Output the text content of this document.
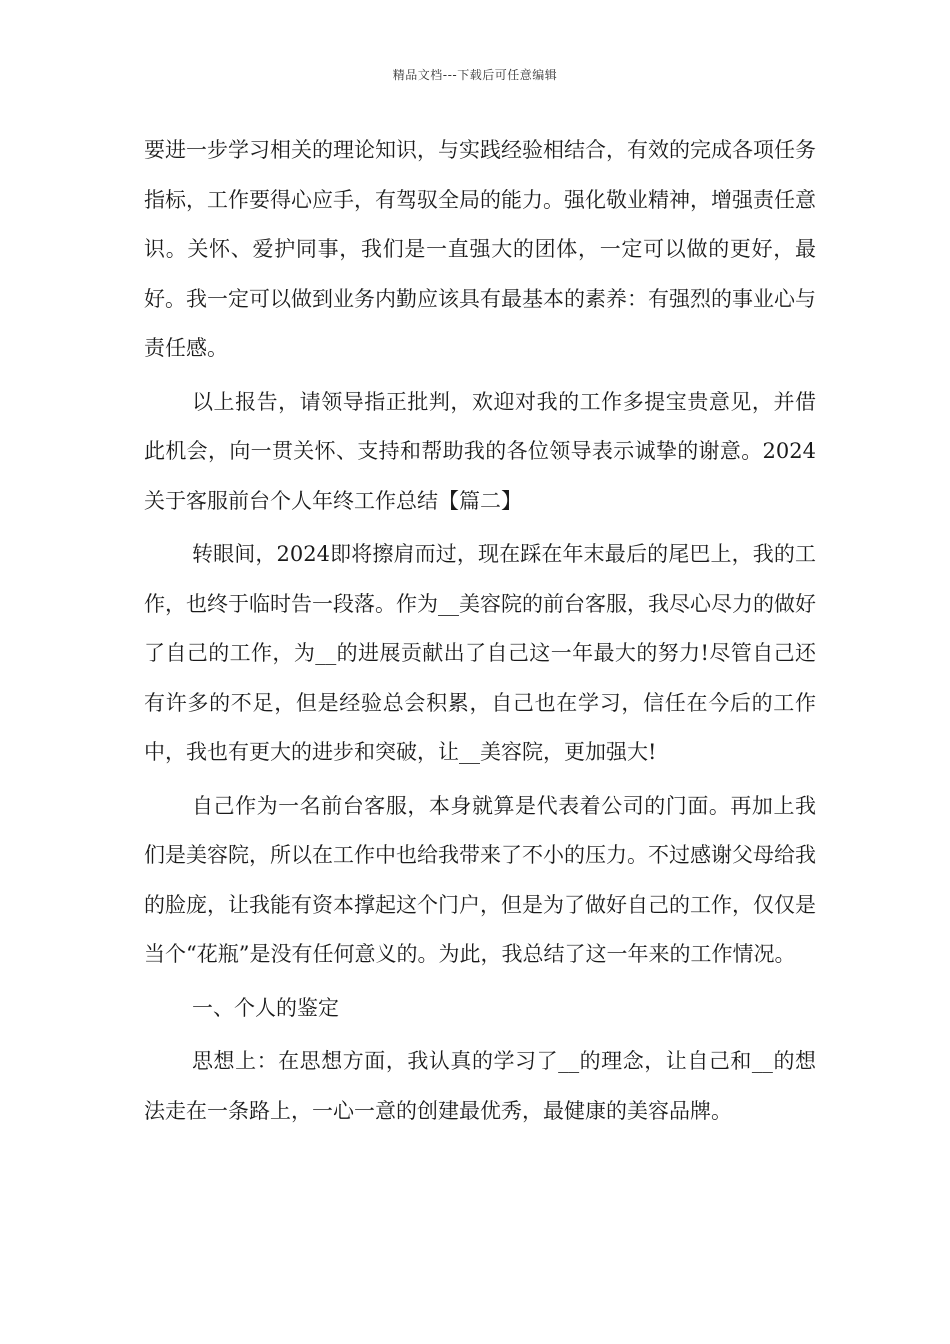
精品文档---下载后可任意编辑

要进一步学习相关的理论知识，与实践经验相结合，有效的完成各项任务指标，工作要得心应手，有驾驭全局的能力。强化敬业精神，增强责任意识。关怀、爱护同事，我们是一直强大的团体，一定可以做的更好，最好。我一定可以做到业务内勤应该具有最基本的素养：有强烈的事业心与责任感。

以上报告，请领导指正批判，欢迎对我的工作多提宝贵意见，并借此机会，向一贯关怀、支持和帮助我的各位领导表示诚挚的谢意。2024关于客服前台个人年终工作总结【篇二】

转眼间，2024即将擦肩而过，现在踩在年末最后的尾巴上，我的工作，也终于临时告一段落。作为__美容院的前台客服，我尽心尽力的做好了自己的工作，为__的进展贡献出了自己这一年最大的努力!尽管自己还有许多的不足，但是经验总会积累，自己也在学习，信任在今后的工作中，我也有更大的进步和突破，让__美容院，更加强大!

自己作为一名前台客服，本身就算是代表着公司的门面。再加上我们是美容院，所以在工作中也给我带来了不小的压力。不过感谢父母给我的脸庞，让我能有资本撑起这个门户，但是为了做好自己的工作，仅仅是当个“花瓶”是没有任何意义的。为此，我总结了这一年来的工作情况。

一、个人的鉴定

思想上：在思想方面，我认真的学习了__的理念，让自己和__的想法走在一条路上，一心一意的创建最优秀，最健康的美容品牌。
